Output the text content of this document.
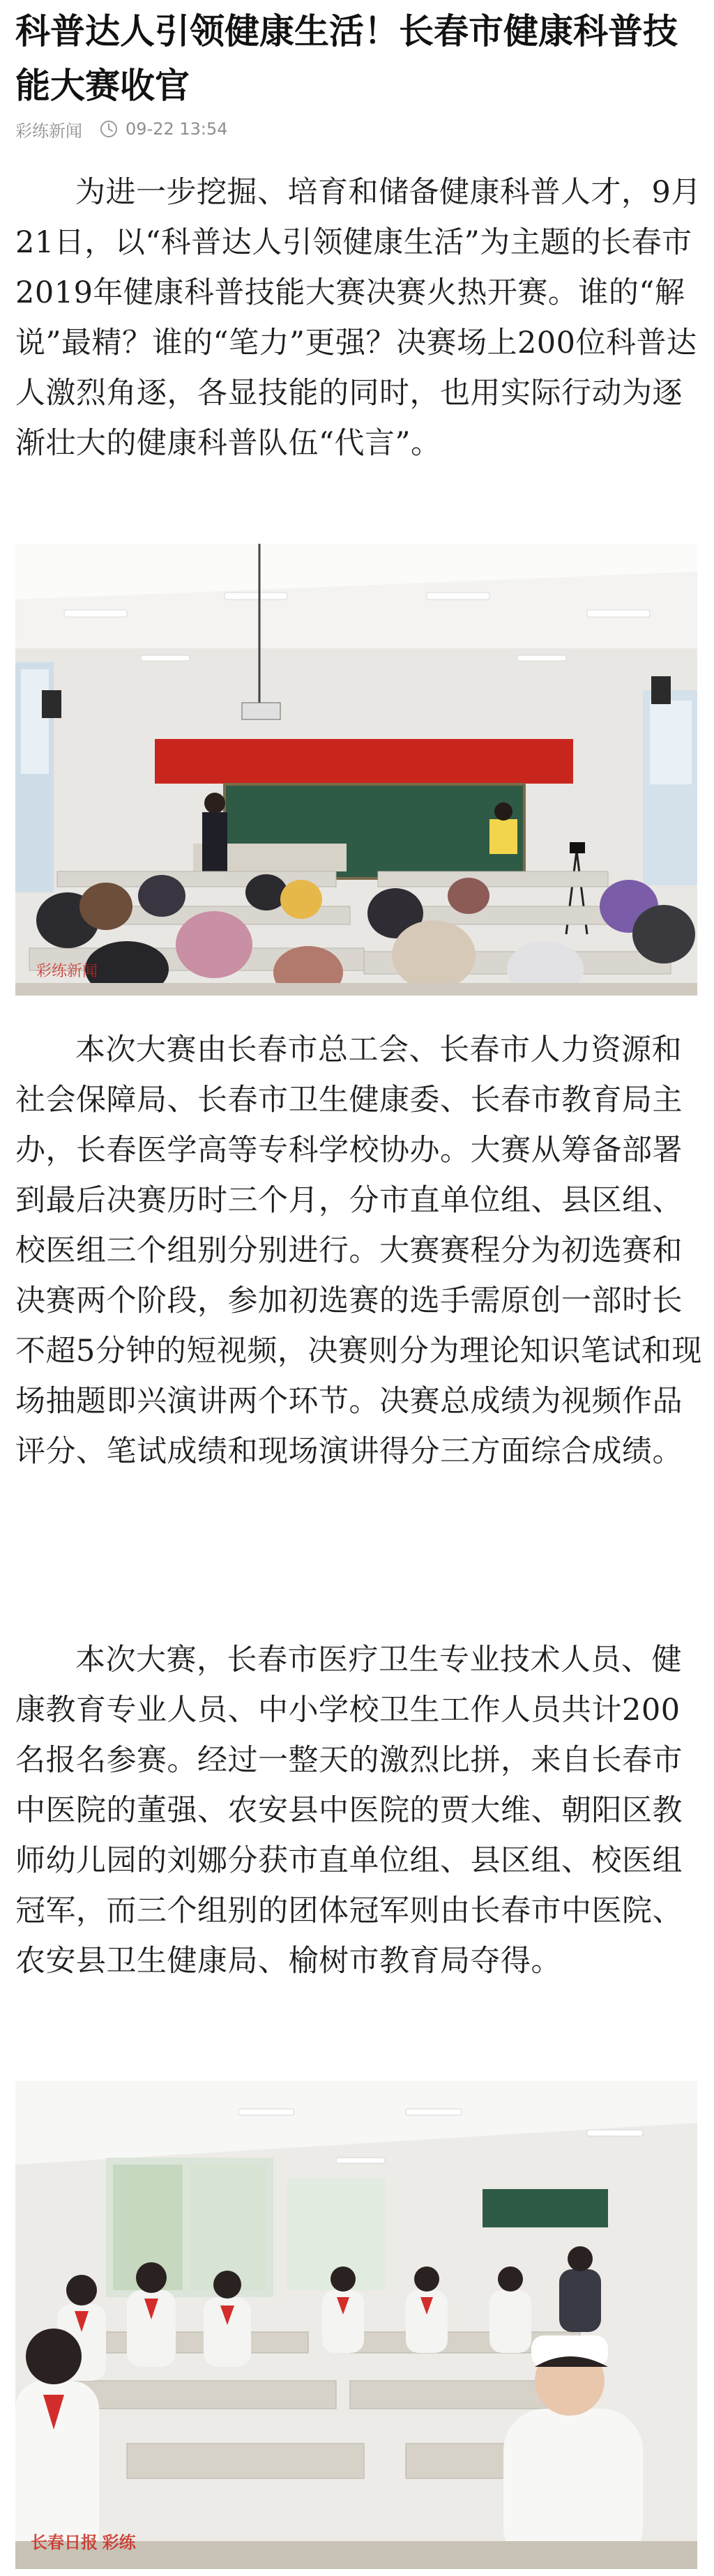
科普达人引领健康生活！长春市健康科普技能大赛收官
彩练新闻	09-22 13:54

为进一步挖掘、培育和储备健康科普人才，9月21日，以“科普达人引领健康生活”为主题的长春市2019年健康科普技能大赛决赛火热开赛。谁的“解说”最精？谁的“笔力”更强？决赛场上200位科普达人激烈角逐，各显技能的同时，也用实际行动为逐渐壮大的健康科普队伍“代言”。

彩练新闻

本次大赛由长春市总工会、长春市人力资源和社会保障局、长春市卫生健康委、长春市教育局主办，长春医学高等专科学校协办。大赛从筹备部署到最后决赛历时三个月，分市直单位组、县区组、校医组三个组别分别进行。大赛赛程分为初选赛和决赛两个阶段，参加初选赛的选手需原创一部时长不超5分钟的短视频，决赛则分为理论知识笔试和现场抽题即兴演讲两个环节。决赛总成绩为视频作品评分、笔试成绩和现场演讲得分三方面综合成绩。

本次大赛，长春市医疗卫生专业技术人员、健康教育专业人员、中小学校卫生工作人员共计200名报名参赛。经过一整天的激烈比拼，来自长春市中医院的董强、农安县中医院的贾大维、朝阳区教师幼儿园的刘娜分获市直单位组、县区组、校医组冠军，而三个组别的团体冠军则由长春市中医院、农安县卫生健康局、榆树市教育局夺得。

长春日报 彩练
